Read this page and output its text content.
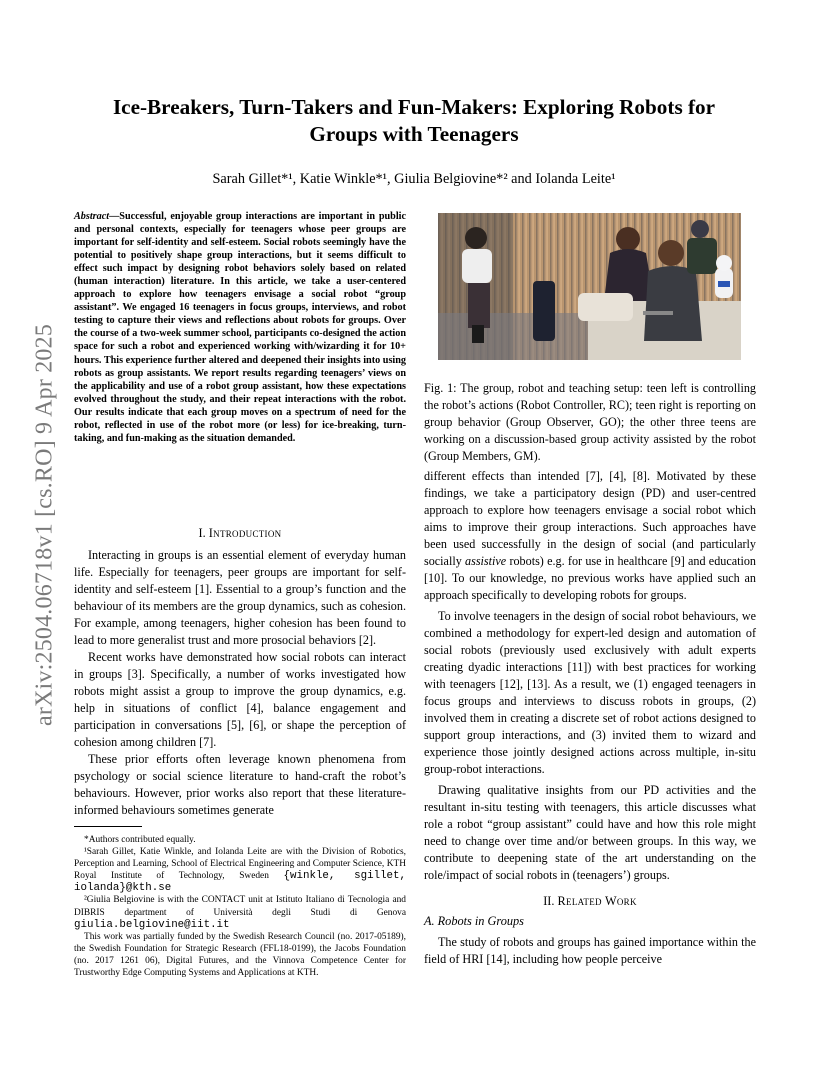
arXiv:2504.06718v1 [cs.RO] 9 Apr 2025
Ice-Breakers, Turn-Takers and Fun-Makers: Exploring Robots for Groups with Teenagers
Sarah Gillet*¹, Katie Winkle*¹, Giulia Belgiovine*² and Iolanda Leite¹
Abstract—Successful, enjoyable group interactions are important in public and personal contexts, especially for teenagers whose peer groups are important for self-identity and self-esteem. Social robots seemingly have the potential to positively shape group interactions, but it seems difficult to effect such impact by designing robot behaviors solely based on related (human interaction) literature. In this article, we take a user-centered approach to explore how teenagers envisage a social robot “group assistant”. We engaged 16 teenagers in focus groups, interviews, and robot testing to capture their views and reflections about robots for groups. Over the course of a two-week summer school, participants co-designed the action space for such a robot and experienced working with/wizarding it for 10+ hours. This experience further altered and deepened their insights into using robots as group assistants. We report results regarding teenagers’ views on the applicability and use of a robot group assistant, how these expectations evolved throughout the study, and their repeat interactions with the robot. Our results indicate that each group moves on a spectrum of need for the robot, reflected in use of the robot more (or less) for ice-breaking, turn-taking, and fun-making as the situation demanded.
I. Introduction

Interacting in groups is an essential element of everyday human life. Especially for teenagers, peer groups are important for self-identity and self-esteem [1]. Essential to a group’s function and the behaviour of its members are the group dynamics, such as cohesion. For example, among teenagers, higher cohesion has been found to lead to more generalist trust and more prosocial behaviors [2].

Recent works have demonstrated how social robots can interact in groups [3]. Specifically, a number of works investigated how robots might assist a group to improve the group dynamics, e.g. help in situations of conflict [4], balance engagement and participation in conversations [5], [6], or shape the perception of cohesion among children [7].

These prior efforts often leverage known phenomena from psychology or social science literature to hand-craft the robot’s behaviours. However, prior works also report that these literature-informed behaviours sometimes generate

*Authors contributed equally.
¹Sarah Gillet, Katie Winkle, and Iolanda Leite are with the Division of Robotics, Perception and Learning, School of Electrical Engineering and Computer Science, KTH Royal Institute of Technology, Sweden {winkle, sgillet, iolanda}@kth.se
²Giulia Belgiovine is with the CONTACT unit at Istituto Italiano di Tecnologia and DIBRIS department of Università degli Studi di Genova giulia.belgiovine@iit.it
This work was partially funded by the Swedish Research Council (no. 2017-05189), the Swedish Foundation for Strategic Research (FFL18-0199), the Jacobs Foundation (no. 2017 1261 06), Digital Futures, and the Vinnova Competence Center for Trustworthy Edge Computing Systems and Applications at KTH.
Fig. 1: The group, robot and teaching setup: teen left is controlling the robot’s actions (Robot Controller, RC); teen right is reporting on group behavior (Group Observer, GO); the other three teens are working on a discussion-based group activity assisted by the robot (Group Members, GM).

different effects than intended [7], [4], [8]. Motivated by these findings, we take a participatory design (PD) and user-centred approach to explore how teenagers envisage a social robot which aims to improve their group interactions. Such approaches have been used successfully in the design of social (and particularly socially assistive robots) e.g. for use in healthcare [9] and education [10]. To our knowledge, no previous works have applied such an approach specifically to developing robots for groups.

To involve teenagers in the design of social robot behaviours, we combined a methodology for expert-led design and automation of social robots (previously used exclusively with adult experts creating dyadic interactions [11]) with best practices for working with teenagers [12], [13]. As a result, we (1) engaged teenagers in focus groups and interviews to discuss robots in groups, (2) involved them in creating a discrete set of robot actions designed to support group interactions, and (3) invited them to wizard and experience those jointly designed actions across multiple, in-situ group-robot interactions.

Drawing qualitative insights from our PD activities and the resultant in-situ testing with teenagers, this article discusses what role a robot “group assistant” could have and how this role might need to change over time and/or between groups. In this way, we contribute to deepening state of the art understanding on the role/impact of social robots in (teenagers’) groups.

II. Related Work
A. Robots in Groups

The study of robots and groups has gained importance within the field of HRI [14], including how people perceive
